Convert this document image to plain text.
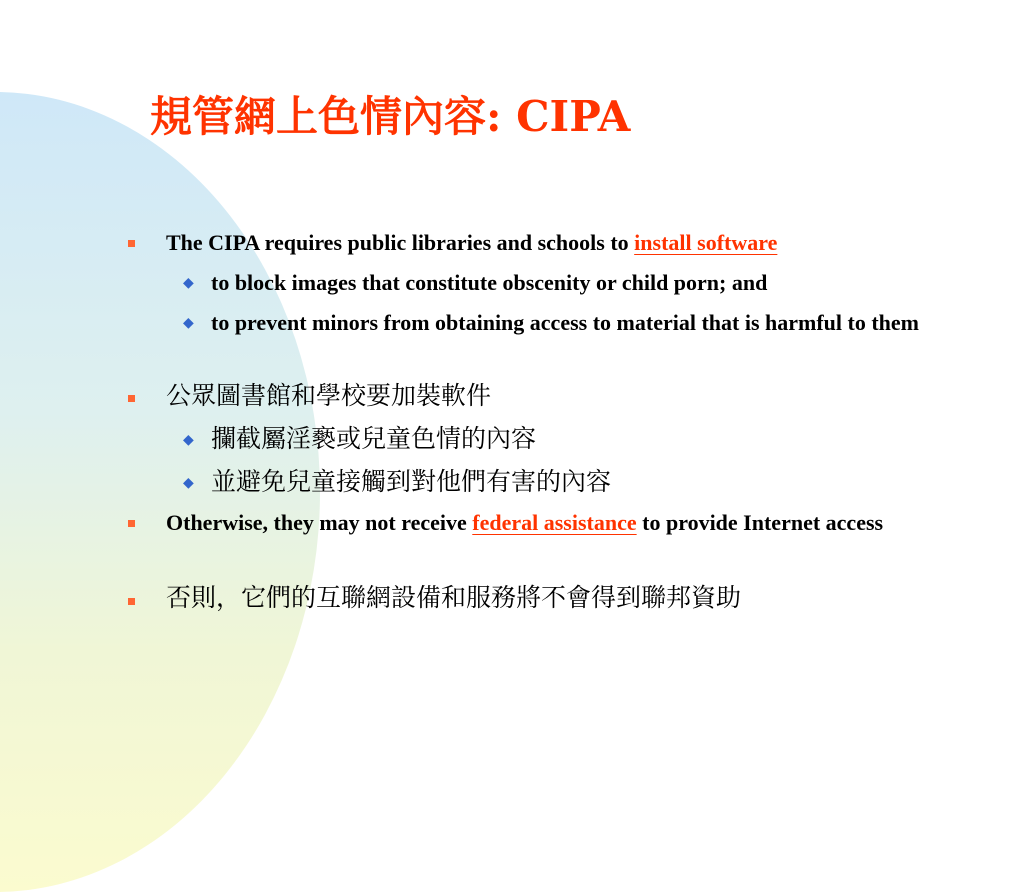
規管網上色情內容: CIPA
The CIPA requires public libraries and schools to install software
◆ to block images that constitute obscenity or child porn; and
◆ to prevent minors from obtaining access to material that is harmful to them
公眾圖書館和學校要加裝軟件
◆ 攔截屬淫褻或兒童色情的內容
◆ 並避免兒童接觸到對他們有害的內容
Otherwise, they may not receive federal assistance to provide Internet access
否則，它們的互聯網設備和服務將不會得到聯邦資助
